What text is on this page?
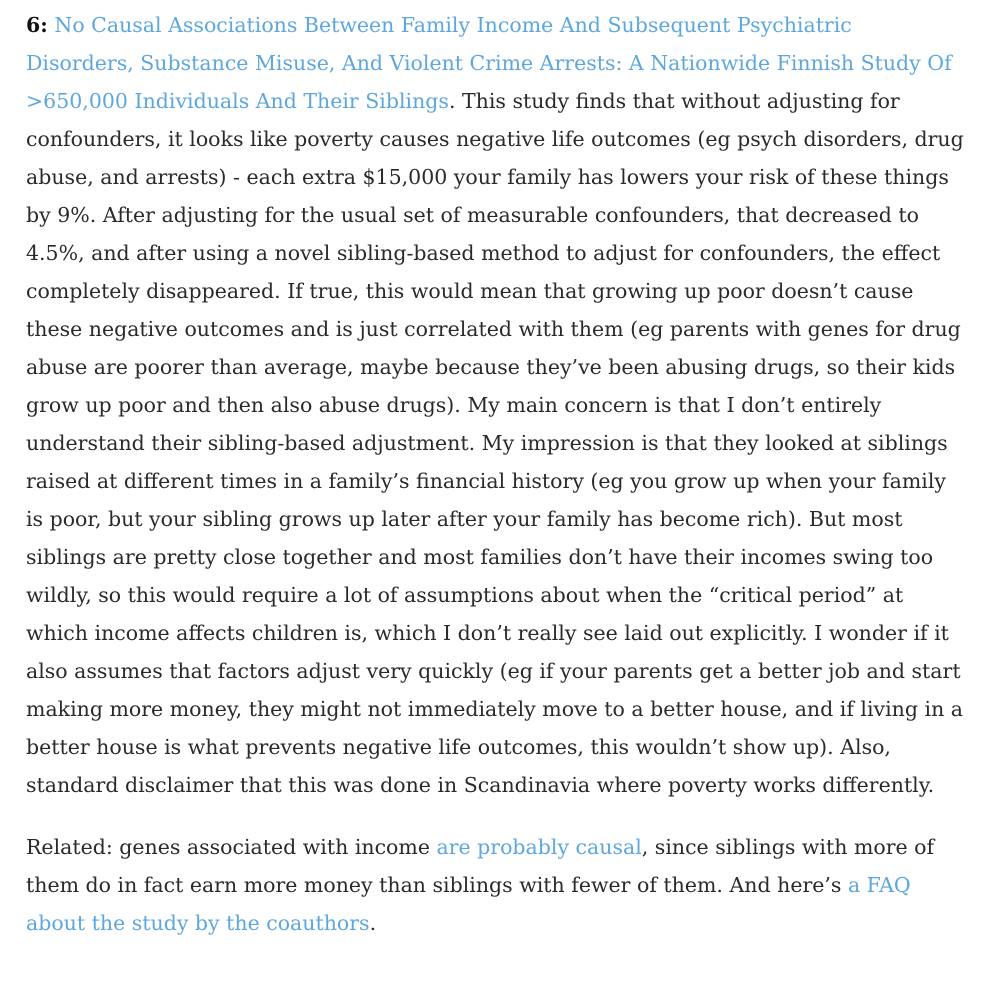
6: No Causal Associations Between Family Income And Subsequent Psychiatric Disorders, Substance Misuse, And Violent Crime Arrests: A Nationwide Finnish Study Of >650,000 Individuals And Their Siblings. This study finds that without adjusting for confounders, it looks like poverty causes negative life outcomes (eg psych disorders, drug abuse, and arrests) - each extra $15,000 your family has lowers your risk of these things by 9%. After adjusting for the usual set of measurable confounders, that decreased to 4.5%, and after using a novel sibling-based method to adjust for confounders, the effect completely disappeared. If true, this would mean that growing up poor doesn’t cause these negative outcomes and is just correlated with them (eg parents with genes for drug abuse are poorer than average, maybe because they’ve been abusing drugs, so their kids grow up poor and then also abuse drugs). My main concern is that I don’t entirely understand their sibling-based adjustment. My impression is that they looked at siblings raised at different times in a family’s financial history (eg you grow up when your family is poor, but your sibling grows up later after your family has become rich). But most siblings are pretty close together and most families don’t have their incomes swing too wildly, so this would require a lot of assumptions about when the “critical period” at which income affects children is, which I don’t really see laid out explicitly. I wonder if it also assumes that factors adjust very quickly (eg if your parents get a better job and start making more money, they might not immediately move to a better house, and if living in a better house is what prevents negative life outcomes, this wouldn’t show up). Also, standard disclaimer that this was done in Scandinavia where poverty works differently.

Related: genes associated with income are probably causal, since siblings with more of them do in fact earn more money than siblings with fewer of them. And here’s a FAQ about the study by the coauthors.
